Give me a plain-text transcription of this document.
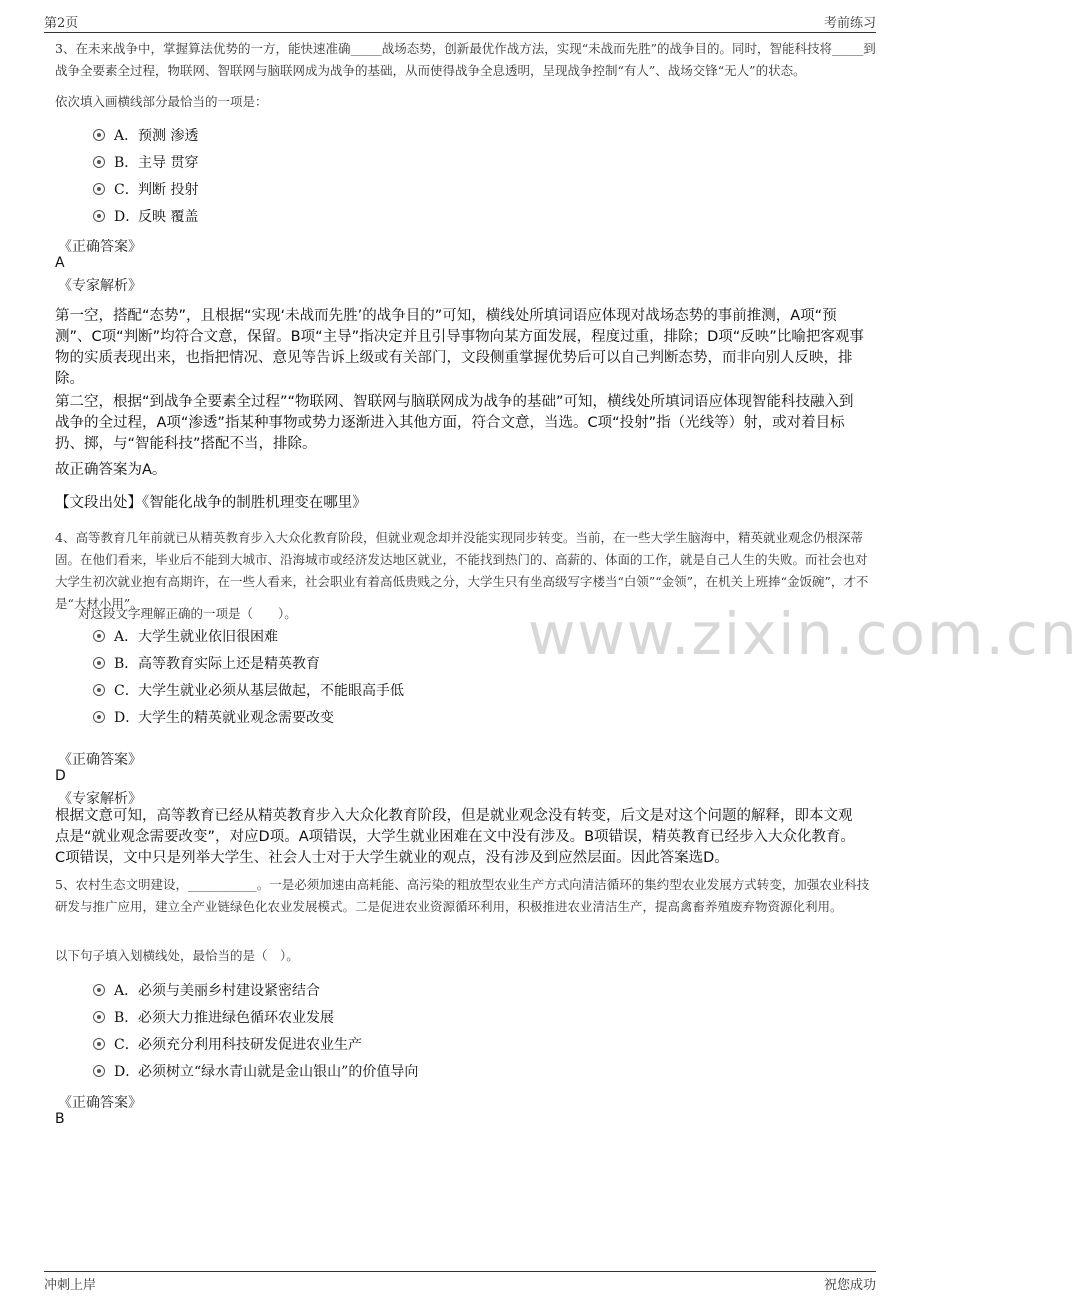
第2页	考前练习
3、在未来战争中，掌握算法优势的一方，能快速准确_____战场态势，创新最优作战方法，实现“未战而先胜”的战争目的。同时，智能科技将_____到战争全要素全过程，物联网、智联网与脑联网成为战争的基础，从而使得战争全息透明，呈现战争控制“有人”、战场交锋“无人”的状态。
依次填入画横线部分最恰当的一项是：
A．预测 渗透
B．主导 贯穿
C．判断 投射
D．反映 覆盖
《正确答案》
A
《专家解析》
第一空，搭配“态势”，且根据“实现‘未战而先胜’的战争目的”可知，横线处所填词语应体现对战场态势的事前推测，A项“预测”、C项“判断”均符合文意，保留。B项“主导”指决定并且引导事物向某方面发展，程度过重，排除；D项“反映”比喻把客观事物的实质表现出来，也指把情况、意见等告诉上级或有关部门，文段侧重掌握优势后可以自己判断态势，而非向别人反映，排除。
第二空，根据“到战争全要素全过程”“物联网、智联网与脑联网成为战争的基础”可知，横线处所填词语应体现智能科技融入到战争的全过程，A项“渗透”指某种事物或势力逐渐进入其他方面，符合文意，当选。C项“投射”指（光线等）射，或对着目标扔、掷，与“智能科技”搭配不当，排除。
故正确答案为A。
【文段出处】《智能化战争的制胜机理变在哪里》
4、高等教育几年前就已从精英教育步入大众化教育阶段，但就业观念却并没能实现同步转变。当前，在一些大学生脑海中，精英就业观念仍根深蒂固。在他们看来，毕业后不能到大城市、沿海城市或经济发达地区就业，不能找到热门的、高薪的、体面的工作，就是自己人生的失败。而社会也对大学生初次就业抱有高期许，在一些人看来，社会职业有着高低贵贱之分，大学生只有坐高级写字楼当“白领”“金领”，在机关上班捧“金饭碗”，才不是“大材小用”。
对这段文字理解正确的一项是（　　）。
A．大学生就业依旧很困难
B．高等教育实际上还是精英教育
C．大学生就业必须从基层做起，不能眼高手低
D．大学生的精英就业观念需要改变
www.zixin.com.cn
《正确答案》
D
《专家解析》
根据文意可知，高等教育已经从精英教育步入大众化教育阶段，但是就业观念没有转变，后文是对这个问题的解释，即本文观点是“就业观念需要改变”，对应D项。A项错误，大学生就业困难在文中没有涉及。B项错误，精英教育已经步入大众化教育。C项错误，文中只是列举大学生、社会人士对于大学生就业的观点，没有涉及到应然层面。因此答案选D。
5、农村生态文明建设，___________。一是必须加速由高耗能、高污染的粗放型农业生产方式向清洁循环的集约型农业发展方式转变，加强农业科技研发与推广应用，建立全产业链绿色化农业发展模式。二是促进农业资源循环利用，积极推进农业清洁生产，提高禽畜养殖废弃物资源化利用。
以下句子填入划横线处，最恰当的是（　）。
A．必须与美丽乡村建设紧密结合
B．必须大力推进绿色循环农业发展
C．必须充分利用科技研发促进农业生产
D．必须树立“绿水青山就是金山银山”的价值导向
《正确答案》
B
冲刺上岸	祝您成功
